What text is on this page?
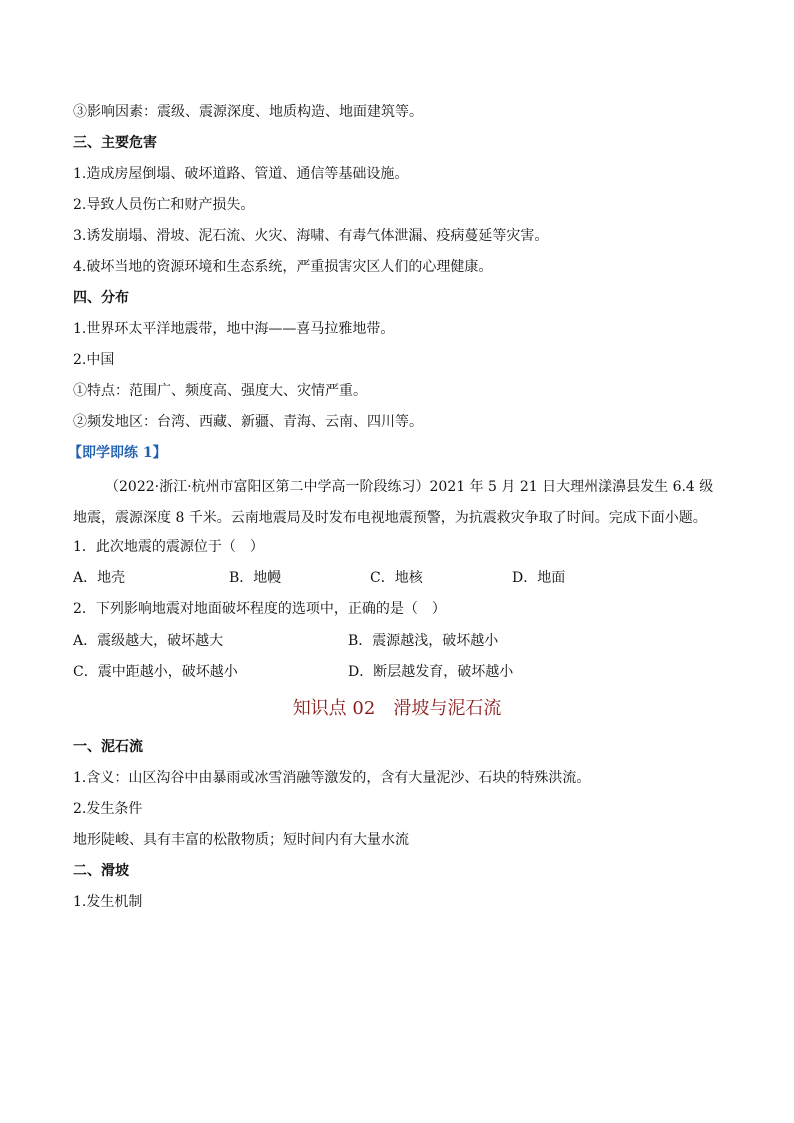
③影响因素：震级、震源深度、地质构造、地面建筑等。
三、主要危害
1.造成房屋倒塌、破坏道路、管道、通信等基础设施。
2.导致人员伤亡和财产损失。
3.诱发崩塌、滑坡、泥石流、火灾、海啸、有毒气体泄漏、疫病蔓延等灾害。
4.破坏当地的资源环境和生态系统，严重损害灾区人们的心理健康。
四、分布
1.世界环太平洋地震带，地中海——喜马拉雅地带。
2.中国
①特点：范围广、频度高、强度大、灾情严重。
②频发地区：台湾、西藏、新疆、青海、云南、四川等。
【即学即练 1】
（2022·浙江·杭州市富阳区第二中学高一阶段练习）2021 年 5 月 21 日大理州漾濞县发生 6.4 级地震，震源深度 8 千米。云南地震局及时发布电视地震预警，为抗震救灾争取了时间。完成下面小题。
1．此次地震的震源位于（　）
A．地壳	B．地幔	C．地核	D．地面
2．下列影响地震对地面破坏程度的选项中，正确的是（　）
A．震级越大，破坏越大	B．震源越浅，破坏越小
C．震中距越小，破坏越小	D．断层越发育，破坏越小
知识点 02　滑坡与泥石流
一、泥石流
1.含义：山区沟谷中由暴雨或冰雪消融等激发的，含有大量泥沙、石块的特殊洪流。
2.发生条件
地形陡峻、具有丰富的松散物质；短时间内有大量水流
二、滑坡
1.发生机制
